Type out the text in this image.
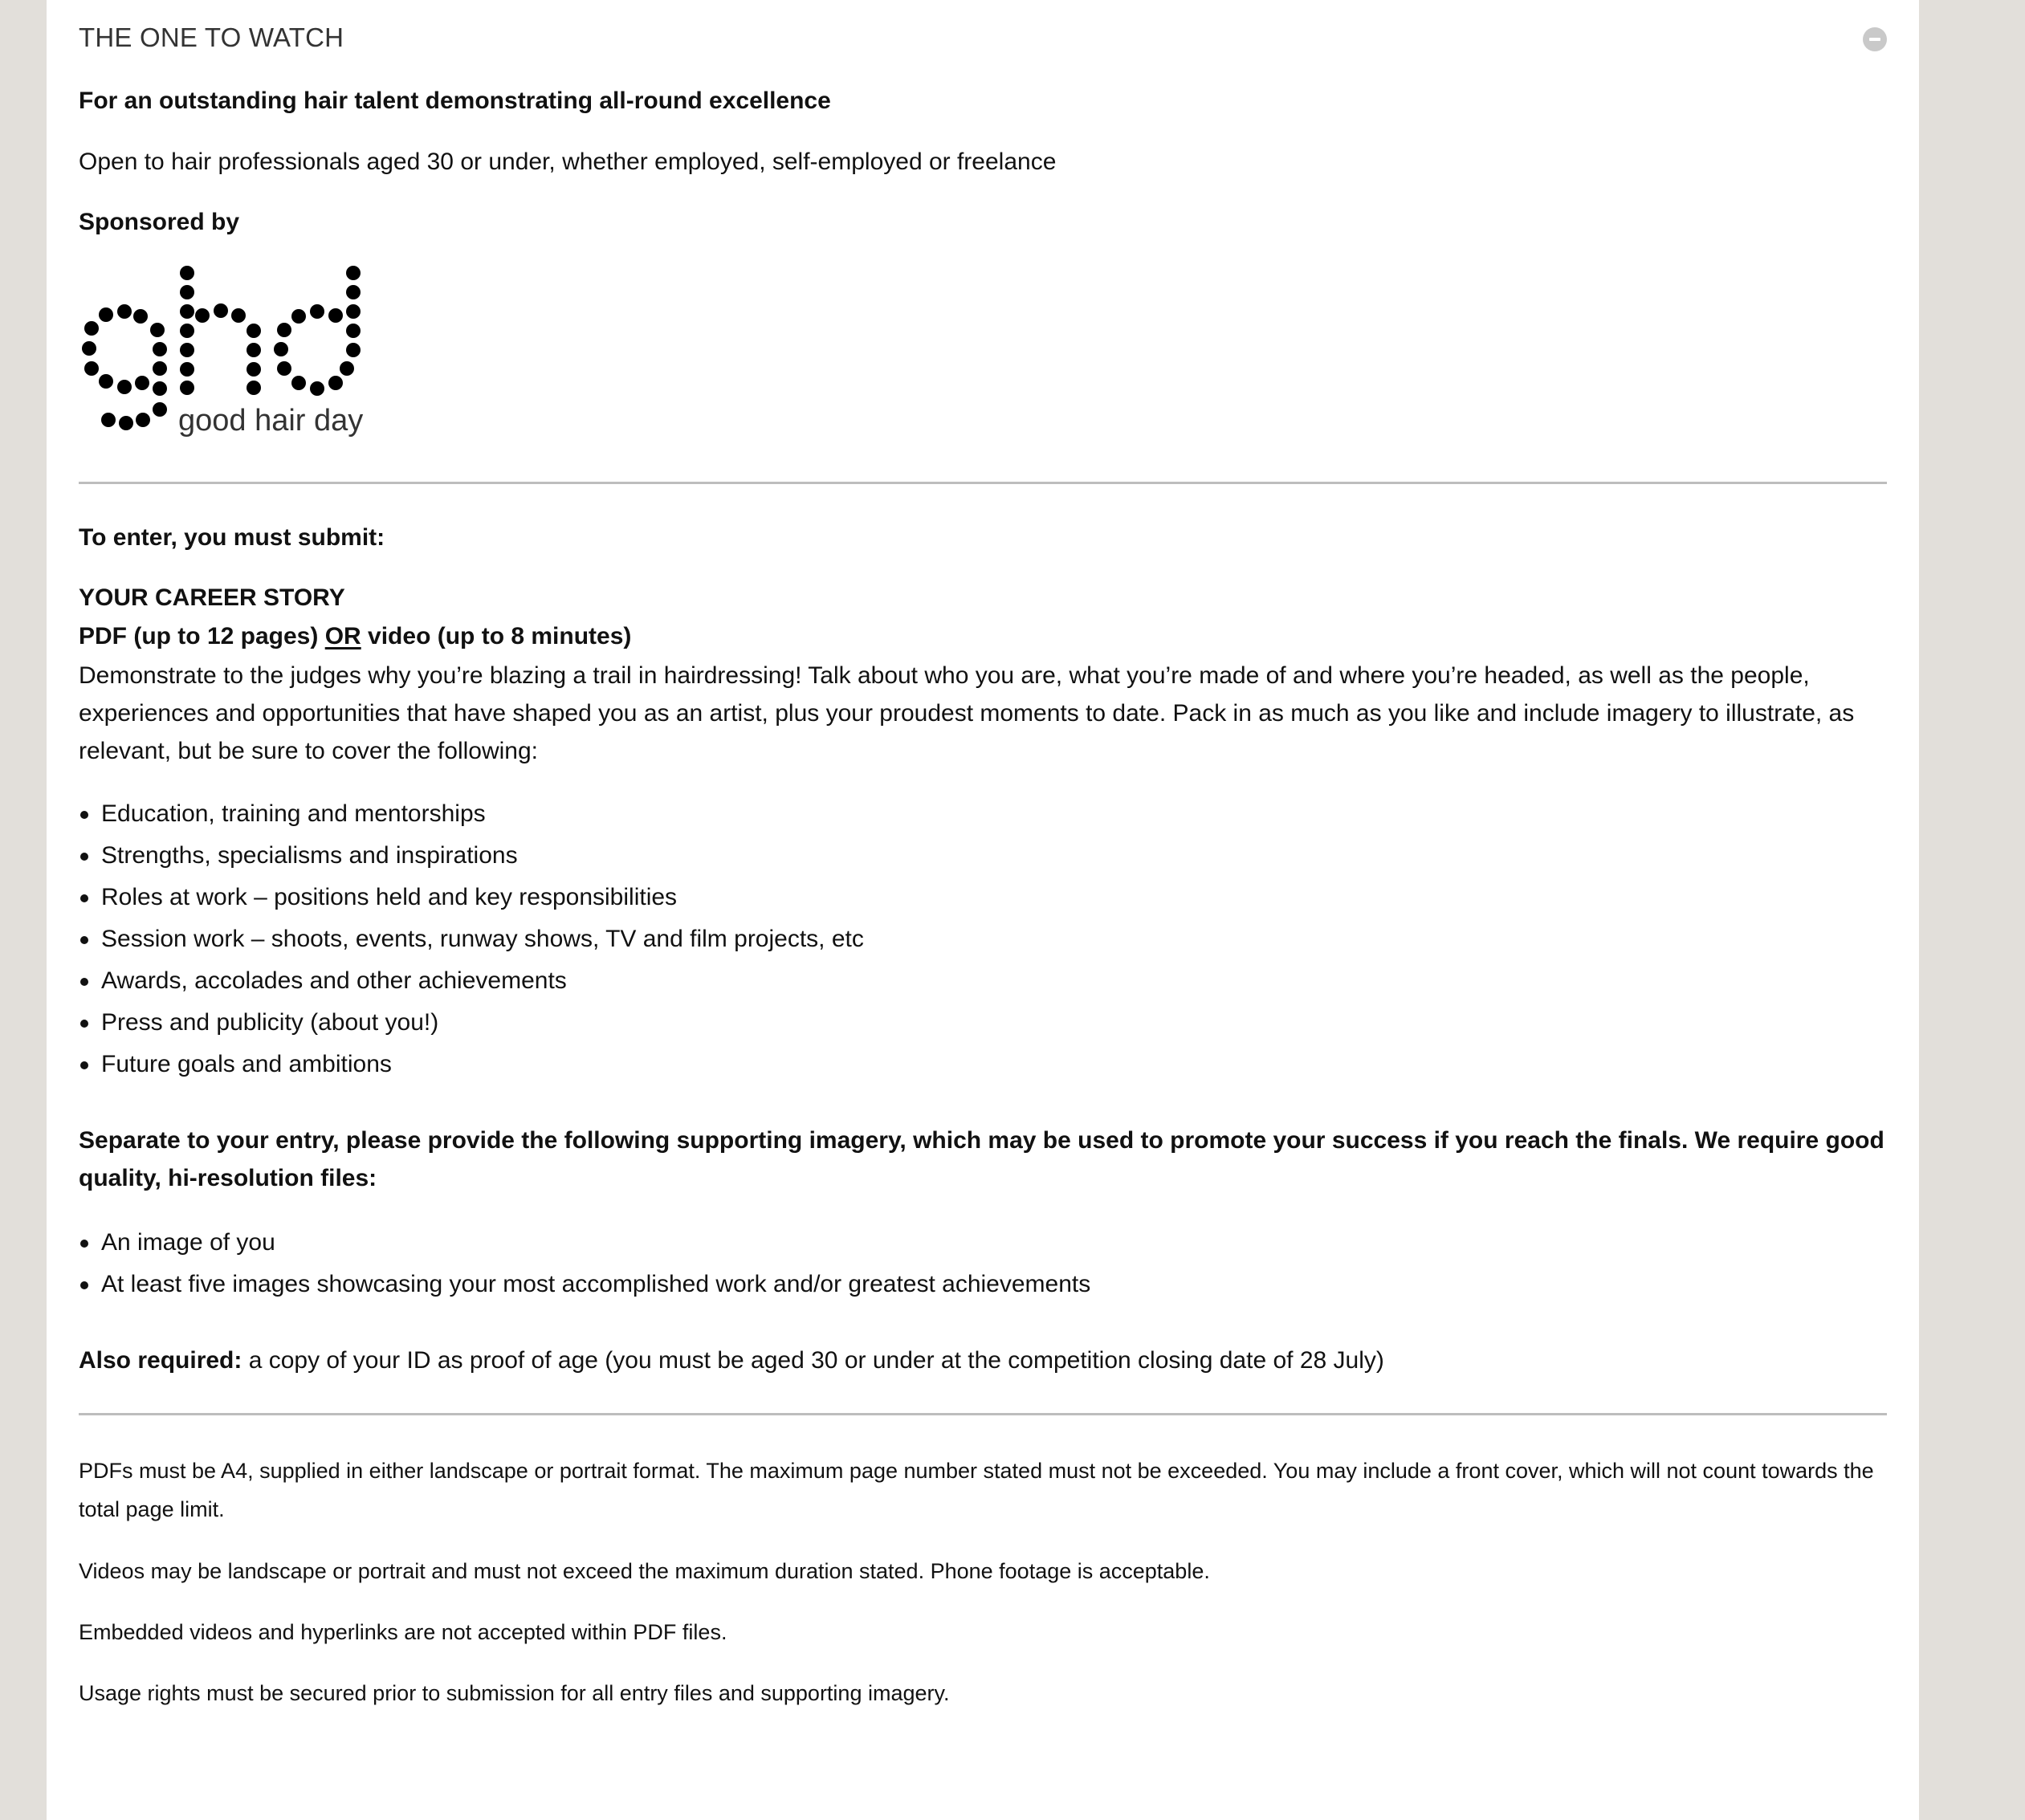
THE ONE TO WATCH
For an outstanding hair talent demonstrating all-round excellence
Open to hair professionals aged 30 or under, whether employed, self-employed or freelance
Sponsored by
good hair day
To enter, you must submit:
YOUR CAREER STORY
PDF (up to 12 pages) OR video (up to 8 minutes)
Demonstrate to the judges why you’re blazing a trail in hairdressing! Talk about who you are, what you’re made of and where you’re headed, as well as the people, experiences and opportunities that have shaped you as an artist, plus your proudest moments to date. Pack in as much as you like and include imagery to illustrate, as relevant, but be sure to cover the following:
Education, training and mentorships
Strengths, specialisms and inspirations
Roles at work – positions held and key responsibilities
Session work – shoots, events, runway shows, TV and film projects, etc
Awards, accolades and other achievements
Press and publicity (about you!)
Future goals and ambitions
Separate to your entry, please provide the following supporting imagery, which may be used to promote your success if you reach the finals. We require good quality, hi-resolution files:
An image of you
At least five images showcasing your most accomplished work and/or greatest achievements
Also required: a copy of your ID as proof of age (you must be aged 30 or under at the competition closing date of 28 July)
PDFs must be A4, supplied in either landscape or portrait format. The maximum page number stated must not be exceeded. You may include a front cover, which will not count towards the total page limit.
Videos may be landscape or portrait and must not exceed the maximum duration stated. Phone footage is acceptable.
Embedded videos and hyperlinks are not accepted within PDF files.
Usage rights must be secured prior to submission for all entry files and supporting imagery.
